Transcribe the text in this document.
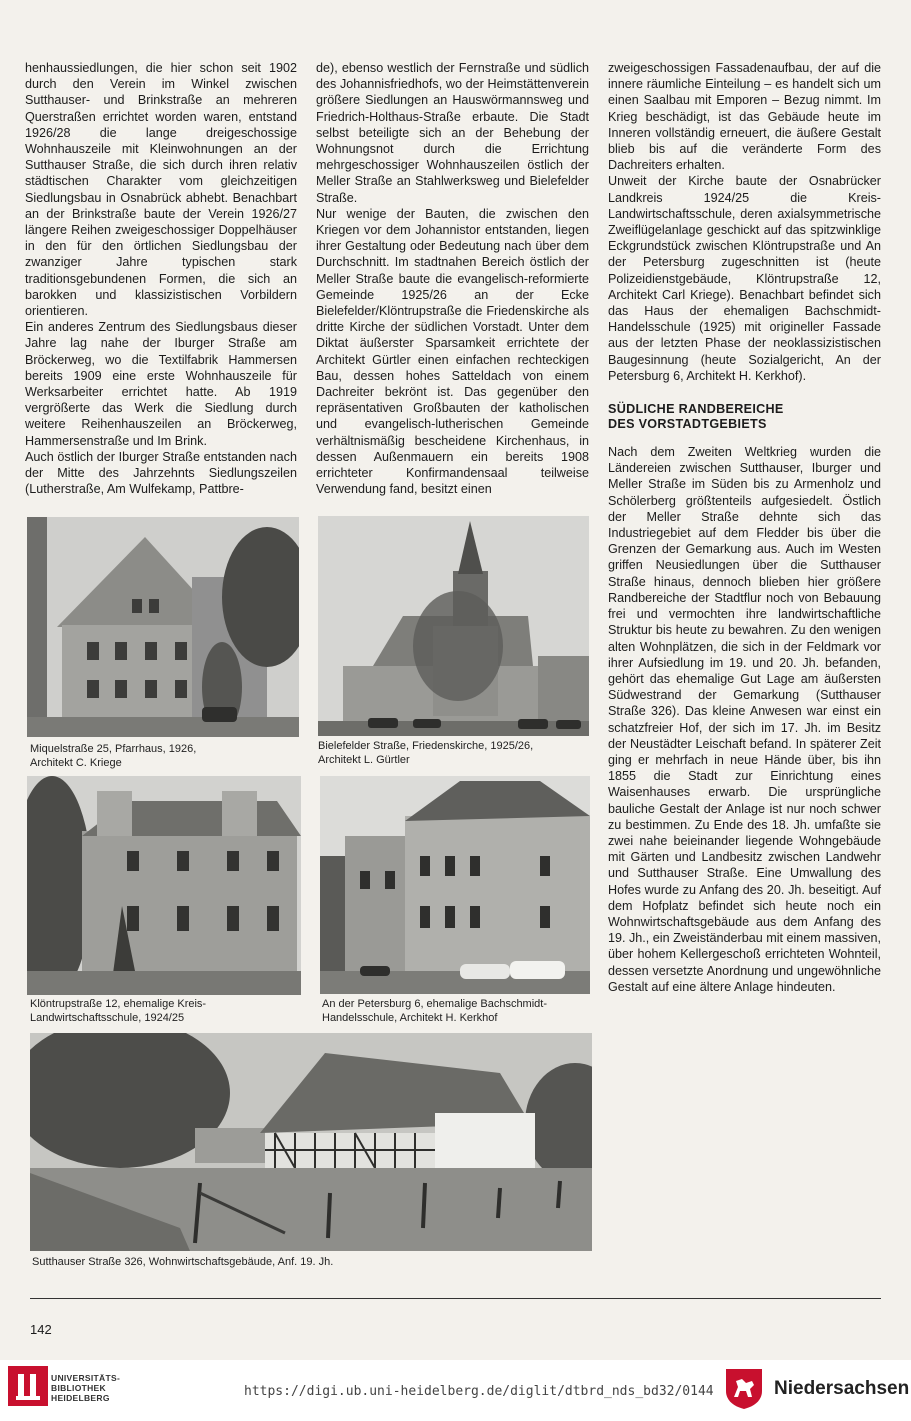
henhaussiedlungen, die hier schon seit 1902 durch den Verein im Winkel zwischen Sutthauser- und Brinkstraße an mehreren Querstraßen errichtet worden waren, entstand 1926/28 die lange dreigeschossige Wohnhauszeile mit Kleinwohnungen an der Sutthauser Straße, die sich durch ihren relativ städtischen Charakter vom gleichzeitigen Siedlungsbau in Osnabrück abhebt. Benachbart an der Brinkstraße baute der Verein 1926/27 längere Reihen zweigeschossiger Doppelhäuser in den für den örtlichen Siedlungsbau der zwanziger Jahre typischen stark traditionsgebundenen Formen, die sich an barokken und klassizistischen Vorbildern orientieren.

Ein anderes Zentrum des Siedlungsbaus dieser Jahre lag nahe der Iburger Straße am Bröckerweg, wo die Textilfabrik Hammersen bereits 1909 eine erste Wohnhauszeile für Werksarbeiter errichtet hatte. Ab 1919 vergrößerte das Werk die Siedlung durch weitere Reihenhauszeilen an Bröckerweg, Hammersenstraße und Im Brink.

Auch östlich der Iburger Straße entstanden nach der Mitte des Jahrzehnts Siedlungszeilen (Lutherstraße, Am Wulfekamp, Pattbre-

de), ebenso westlich der Fernstraße und südlich des Johannisfriedhofs, wo der Heimstättenverein größere Siedlungen an Hauswörmannsweg und Friedrich-Holthaus-Straße erbaute. Die Stadt selbst beteiligte sich an der Behebung der Wohnungsnot durch die Errichtung mehrgeschossiger Wohnhauszeilen östlich der Meller Straße an Stahlwerksweg und Bielefelder Straße.

Nur wenige der Bauten, die zwischen den Kriegen vor dem Johannistor entstanden, liegen ihrer Gestaltung oder Bedeutung nach über dem Durchschnitt. Im stadtnahen Bereich östlich der Meller Straße baute die evangelisch-reformierte Gemeinde 1925/26 an der Ecke Bielefelder/Klöntrupstraße die Friedenskirche als dritte Kirche der südlichen Vorstadt. Unter dem Diktat äußerster Sparsamkeit errichtete der Architekt Gürtler einen einfachen rechteckigen Bau, dessen hohes Satteldach von einem Dachreiter bekrönt ist. Das gegenüber den repräsentativen Großbauten der katholischen und evangelisch-lutherischen Gemeinde verhältnismäßig bescheidene Kirchenhaus, in dessen Außenmauern ein bereits 1908 errichteter Konfirmandensaal teilweise Verwendung fand, besitzt einen

zweigeschossigen Fassadenaufbau, der auf die innere räumliche Einteilung – es handelt sich um einen Saalbau mit Emporen – Bezug nimmt. Im Krieg beschädigt, ist das Gebäude heute im Inneren vollständig erneuert, die äußere Gestalt blieb bis auf die veränderte Form des Dachreiters erhalten.

Unweit der Kirche baute der Osnabrücker Landkreis 1924/25 die Kreis-Landwirtschaftsschule, deren axialsymmetrische Zweiflügelanlage geschickt auf das spitzwinklige Eckgrundstück zwischen Klöntrupstraße und An der Petersburg zugeschnitten ist (heute Polizeidienstgebäude, Klöntrupstraße 12, Architekt Carl Kriege). Benachbart befindet sich das Haus der ehemaligen Bachschmidt-Handelsschule (1925) mit origineller Fassade aus der letzten Phase der neoklassizistischen Baugesinnung (heute Sozialgericht, An der Petersburg 6, Architekt H. Kerkhof).

SÜDLICHE RANDBEREICHE
DES VORSTADTGEBIETS

Nach dem Zweiten Weltkrieg wurden die Ländereien zwischen Sutthauser, Iburger und Meller Straße im Süden bis zu Armenholz und Schölerberg größtenteils aufgesiedelt. Östlich der Meller Straße dehnte sich das Industriegebiet auf dem Fledder bis über die Grenzen der Gemarkung aus. Auch im Westen griffen Neusiedlungen über die Sutthauser Straße hinaus, dennoch blieben hier größere Randbereiche der Stadtflur noch von Bebauung frei und vermochten ihre landwirtschaftliche Struktur bis heute zu bewahren. Zu den wenigen alten Wohnplätzen, die sich in der Feldmark vor ihrer Aufsiedlung im 19. und 20. Jh. befanden, gehört das ehemalige Gut Lage am äußersten Südwestrand der Gemarkung (Sutthauser Straße 326). Das kleine Anwesen war einst ein schatzfreier Hof, der sich im 17. Jh. im Besitz der Neustädter Leischaft befand. In späterer Zeit ging er mehrfach in neue Hände über, bis ihn 1855 die Stadt zur Einrichtung eines Waisenhauses erwarb. Die ursprüngliche bauliche Gestalt der Anlage ist nur noch schwer zu bestimmen. Zu Ende des 18. Jh. umfaßte sie zwei nahe beieinander liegende Wohngebäude mit Gärten und Landbesitz zwischen Landwehr und Sutthauser Straße. Eine Umwallung des Hofes wurde zu Anfang des 20. Jh. beseitigt. Auf dem Hofplatz befindet sich heute noch ein Wohnwirtschaftsgebäude aus dem Anfang des 19. Jh., ein Zweiständerbau mit einem massiven, über hohem Kellergeschoß errichteten Wohnteil, dessen versetzte Anordnung und ungewöhnliche Gestalt auf eine ältere Anlage hindeuten.

Miquelstraße 25, Pfarrhaus, 1926,
Architekt C. Kriege
Bielefelder Straße, Friedenskirche, 1925/26,
Architekt L. Gürtler
Klöntrupstraße 12, ehemalige Kreis-
Landwirtschaftsschule, 1924/25
An der Petersburg 6, ehemalige Bachschmidt-
Handelsschule, Architekt H. Kerkhof
Sutthauser Straße 326, Wohnwirtschaftsgebäude, Anf. 19. Jh.
142
UNIVERSITÄTS-
BIBLIOTHEK
HEIDELBERG	https://digi.ub.uni-heidelberg.de/diglit/dtbrd_nds_bd32/0144	Niedersachsen
